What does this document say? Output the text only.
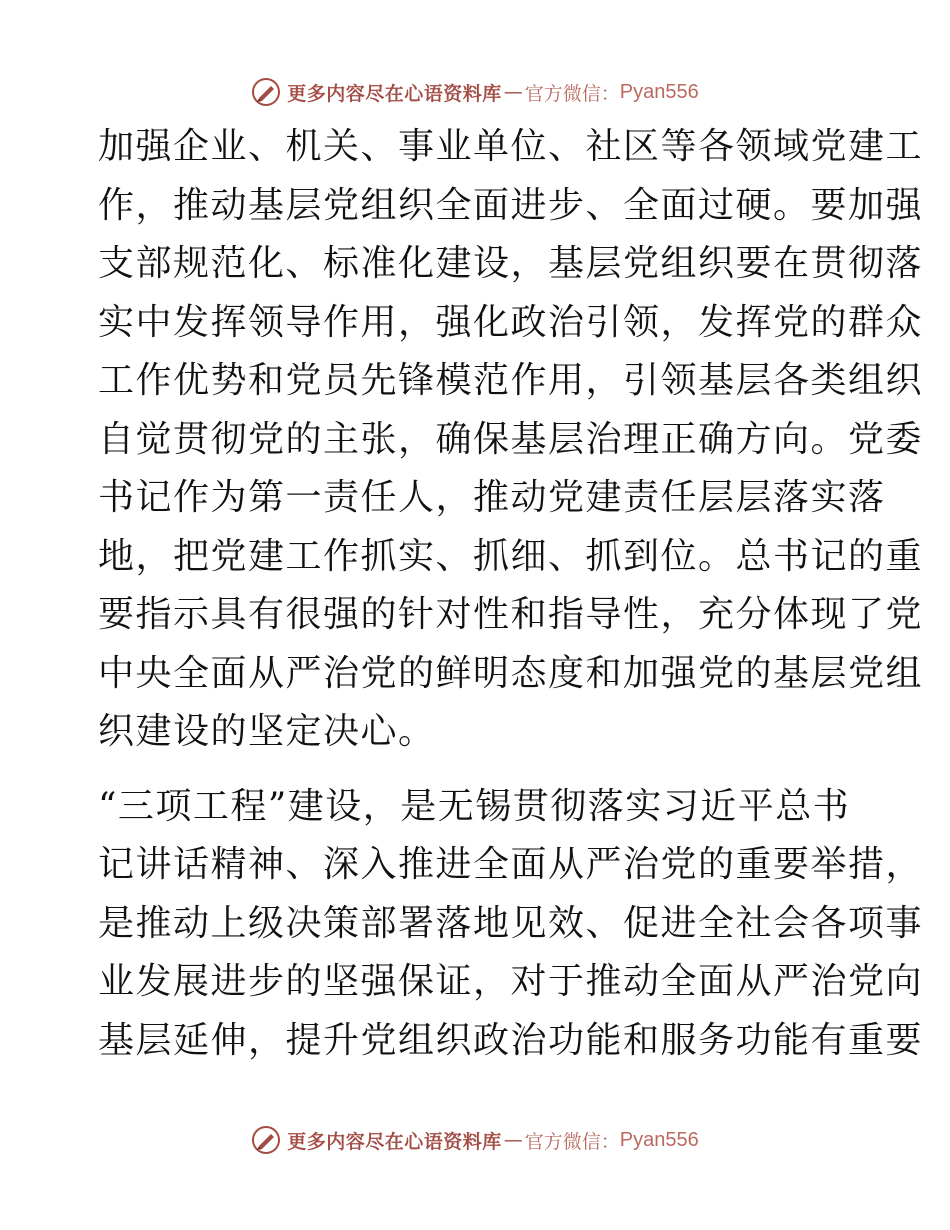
更多内容尽在心语资料库 — 官方微信： Pyan556
加强企业、机关、事业单位、社区等各领域党建工
作，推动基层党组织全面进步、全面过硬。要加强
支部规范化、标准化建设，基层党组织要在贯彻落
实中发挥领导作用，强化政治引领，发挥党的群众
工作优势和党员先锋模范作用，引领基层各类组织
自觉贯彻党的主张，确保基层治理正确方向。党委
书记作为第一责任人，推动党建责任层层落实落
地，把党建工作抓实、抓细、抓到位。总书记的重
要指示具有很强的针对性和指导性，充分体现了党
中央全面从严治党的鲜明态度和加强党的基层党组
织建设的坚定决心。
“三项工程”建设，是无锡贯彻落实习近平总书
记讲话精神、深入推进全面从严治党的重要举措，
是推动上级决策部署落地见效、促进全社会各项事
业发展进步的坚强保证，对于推动全面从严治党向
基层延伸，提升党组织政治功能和服务功能有重要
更多内容尽在心语资料库 — 官方微信： Pyan556
